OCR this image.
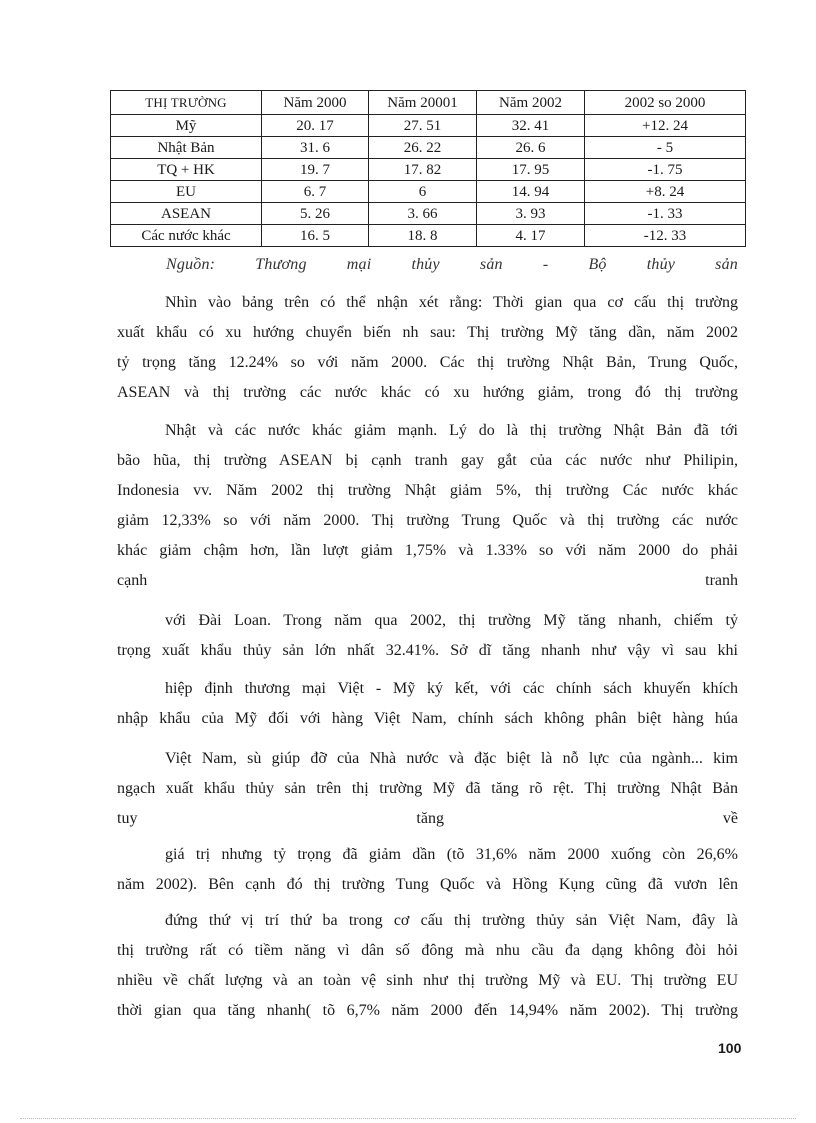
THỊ TRƯỜNG	Năm 2000	Năm 20001	Năm 2002	2002 so 2000
Mỹ	20. 17	27. 51	32. 41	+12. 24
Nhật Bản	31. 6	26. 22	26. 6	- 5
TQ + HK	19. 7	17. 82	17. 95	-1. 75
EU	6. 7	6	14. 94	+8. 24
ASEAN	5. 26	3. 66	3. 93	-1. 33
Các nước khác	16. 5	18. 8	4. 17	-12. 33
Nguồn: Thương mại thủy sản - Bộ thủy sản
Nhìn vào bảng trên có thể nhận xét rằng: Thời gian qua cơ cấu thị trường
xuất khẩu có xu hướng chuyển biến nh sau: Thị trường Mỹ tăng dần, năm 2002
tỷ trọng tăng 12.24% so với năm 2000. Các thị trường Nhật Bản, Trung Quốc,
ASEAN và thị trường các nước khác có xu hướng giảm, trong đó thị trường
Nhật và các nước khác giảm mạnh. Lý do là thị trường Nhật Bản đã tới
bão hũa, thị trường ASEAN bị cạnh tranh gay gắt của các nước như Philipin,
Indonesia vv. Năm 2002 thị trường Nhật giảm 5%, thị trường Các nước khác
giảm 12,33% so với năm 2000. Thị trường Trung Quốc và thị trường các nước
khác giảm chậm hơn, lần lượt giảm 1,75% và 1.33% so với năm 2000 do phải
cạnh tranh
với Đài Loan. Trong năm qua 2002, thị trường Mỹ tăng nhanh, chiếm tỷ
trọng xuất khẩu thủy sản lớn nhất 32.41%. Sở dĩ tăng nhanh như vậy vì sau khi
hiệp định thương mại Việt - Mỹ ký kết, với các chính sách khuyến khích
nhập khẩu của Mỹ đối với hàng Việt Nam, chính sách không phân biệt hàng húa
Việt Nam, sù giúp đỡ của Nhà nước và đặc biệt là nỗ lực của ngành... kim
ngạch xuất khẩu thủy sản trên thị trường Mỹ đã tăng rõ rệt. Thị trường Nhật Bản
tuy tăng về
giá trị nhưng tỷ trọng đã giảm dần (tõ 31,6% năm 2000 xuống còn 26,6%
năm 2002). Bên cạnh đó thị trường Tung Quốc và Hồng Kụng cũng đã vươn lên
đứng thứ vị trí thứ ba trong cơ cấu thị trường thủy sản Việt Nam, đây là
thị trường rất có tiềm năng vì dân số đông mà nhu cầu đa dạng không đòi hỏi
nhiều về chất lượng và an toàn vệ sinh như thị trường Mỹ và EU. Thị trường EU
thời gian qua tăng nhanh( tõ 6,7% năm 2000 đến 14,94% năm 2002). Thị trường
100
